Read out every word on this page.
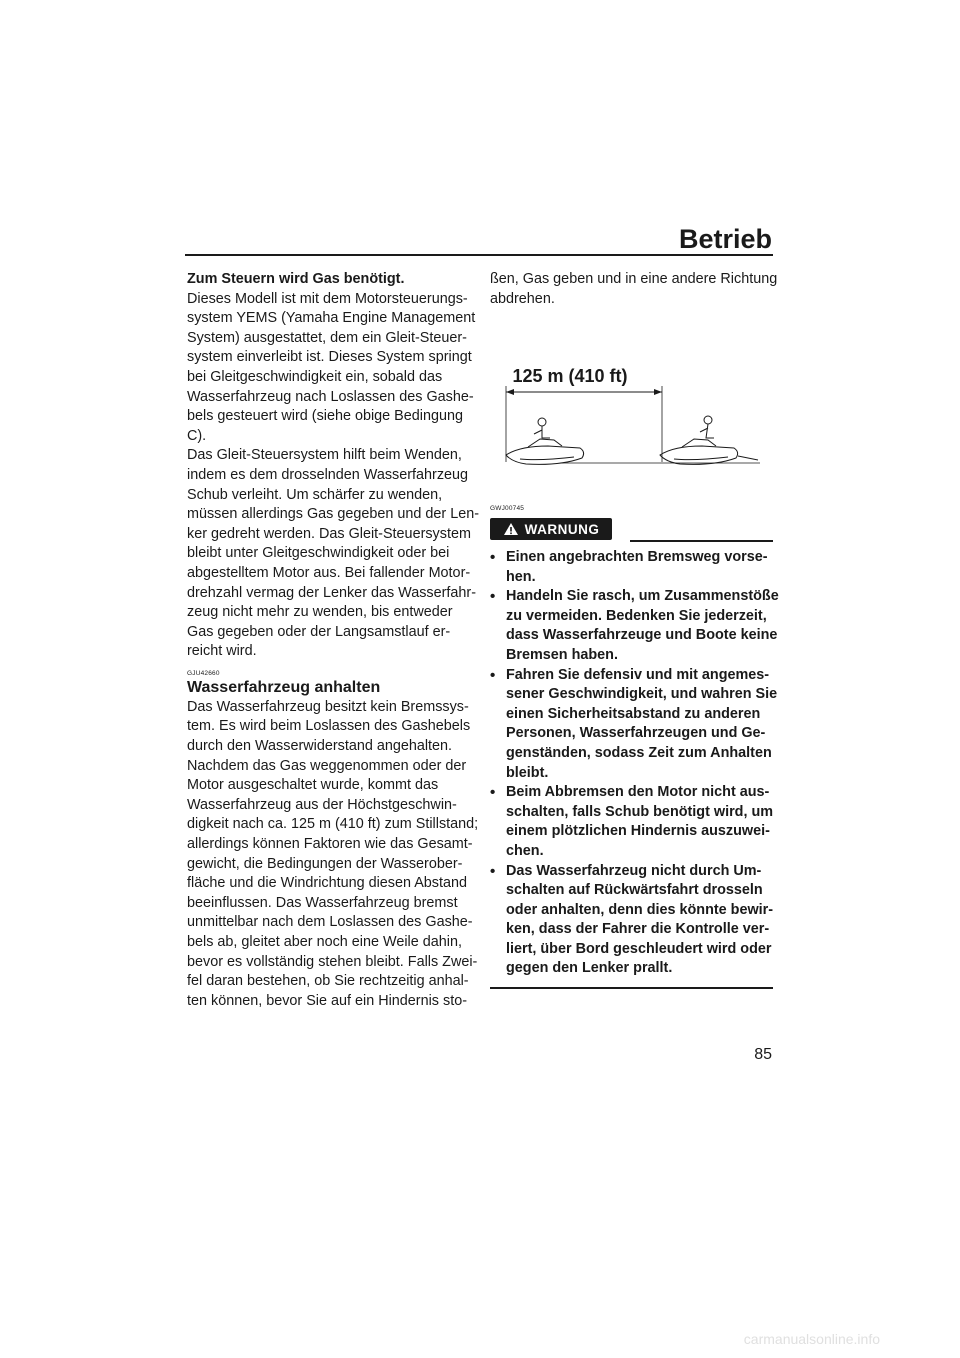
Betrieb
Zum Steuern wird Gas benötigt.
Dieses Modell ist mit dem Motorsteuerungs-
system YEMS (Yamaha Engine Management
System) ausgestattet, dem ein Gleit-Steuer-
system einverleibt ist. Dieses System springt
bei Gleitgeschwindigkeit ein, sobald das
Wasserfahrzeug nach Loslassen des Gashe-
bels gesteuert wird (siehe obige Bedingung
C).
Das Gleit-Steuersystem hilft beim Wenden,
indem es dem drosselnden Wasserfahrzeug
Schub verleiht. Um schärfer zu wenden,
müssen allerdings Gas gegeben und der Len-
ker gedreht werden. Das Gleit-Steuersystem
bleibt unter Gleitgeschwindigkeit oder bei
abgestelltem Motor aus. Bei fallender Motor-
drehzahl vermag der Lenker das Wasserfahr-
zeug nicht mehr zu wenden, bis entweder
Gas gegeben oder der Langsamstlauf er-
reicht wird.
GJU42660
Wasserfahrzeug anhalten
Das Wasserfahrzeug besitzt kein Bremssys-
tem. Es wird beim Loslassen des Gashebels
durch den Wasserwiderstand angehalten.
Nachdem das Gas weggenommen oder der
Motor ausgeschaltet wurde, kommt das
Wasserfahrzeug aus der Höchstgeschwin-
digkeit nach ca. 125 m (410 ft) zum Stillstand;
allerdings können Faktoren wie das Gesamt-
gewicht, die Bedingungen der Wasserober-
fläche und die Windrichtung diesen Abstand
beeinflussen. Das Wasserfahrzeug bremst
unmittelbar nach dem Loslassen des Gashe-
bels ab, gleitet aber noch eine Weile dahin,
bevor es vollständig stehen bleibt. Falls Zwei-
fel daran bestehen, ob Sie rechtzeitig anhal-
ten können, bevor Sie auf ein Hindernis sto-
ßen, Gas geben und in eine andere Richtung
abdrehen.
125 m (410 ft)
GWJ00745
WARNUNG
• Einen angebrachten Bremsweg vorse-
hen.
• Handeln Sie rasch, um Zusammenstöße
zu vermeiden. Bedenken Sie jederzeit,
dass Wasserfahrzeuge und Boote keine
Bremsen haben.
• Fahren Sie defensiv und mit angemes-
sener Geschwindigkeit, und wahren Sie
einen Sicherheitsabstand zu anderen
Personen, Wasserfahrzeugen und Ge-
genständen, sodass Zeit zum Anhalten
bleibt.
• Beim Abbremsen den Motor nicht aus-
schalten, falls Schub benötigt wird, um
einem plötzlichen Hindernis auszuwei-
chen.
• Das Wasserfahrzeug nicht durch Um-
schalten auf Rückwärtsfahrt drosseln
oder anhalten, denn dies könnte bewir-
ken, dass der Fahrer die Kontrolle ver-
liert, über Bord geschleudert wird oder
gegen den Lenker prallt.
85
carmanualsonline.info
